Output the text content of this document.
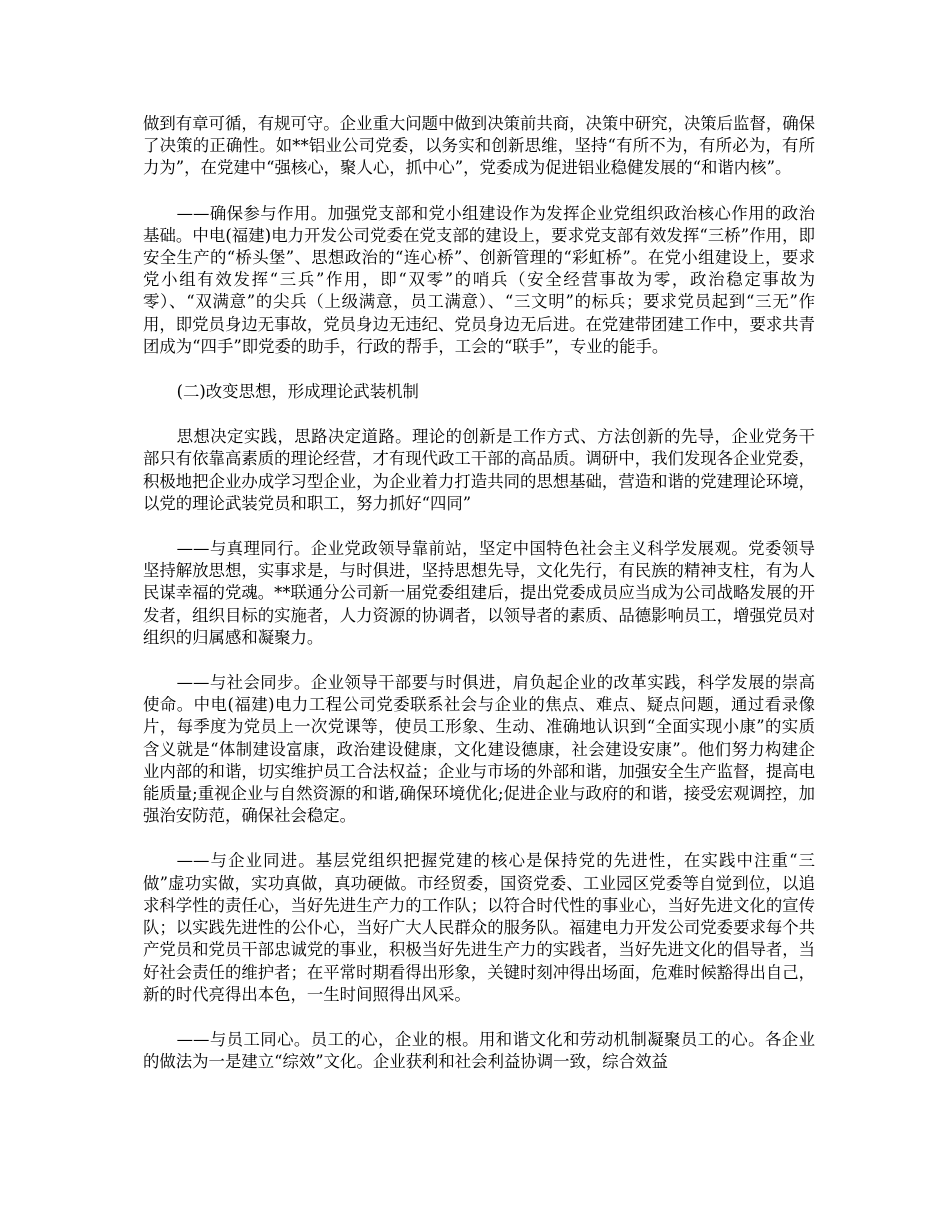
做到有章可循，有规可守。企业重大问题中做到决策前共商，决策中研究，决策后监督，确保了决策的正确性。如**铝业公司党委，以务实和创新思维，坚持“有所不为，有所必为，有所力为”，在党建中“强核心，聚人心，抓中心”，党委成为促进铝业稳健发展的“和谐内核”。

——确保参与作用。加强党支部和党小组建设作为发挥企业党组织政治核心作用的政治基础。中电(福建)电力开发公司党委在党支部的建设上，要求党支部有效发挥“三桥”作用，即安全生产的“桥头堡”、思想政治的“连心桥”、创新管理的“彩虹桥”。在党小组建设上，要求党小组有效发挥“三兵”作用，即“双零”的哨兵（安全经营事故为零，政治稳定事故为零）、“双满意”的尖兵（上级满意，员工满意）、“三文明”的标兵；要求党员起到“三无”作用，即党员身边无事故，党员身边无违纪、党员身边无后进。在党建带团建工作中，要求共青团成为“四手”即党委的助手，行政的帮手，工会的“联手”，专业的能手。

(二)改变思想，形成理论武装机制

思想决定实践，思路决定道路。理论的创新是工作方式、方法创新的先导，企业党务干部只有依靠高素质的理论经营，才有现代政工干部的高品质。调研中，我们发现各企业党委，积极地把企业办成学习型企业，为企业着力打造共同的思想基础，营造和谐的党建理论环境，以党的理论武装党员和职工，努力抓好“四同”

——与真理同行。企业党政领导靠前站，坚定中国特色社会主义科学发展观。党委领导坚持解放思想，实事求是，与时俱进，坚持思想先导，文化先行，有民族的精神支柱，有为人民谋幸福的党魂。**联通分公司新一届党委组建后，提出党委成员应当成为公司战略发展的开发者，组织目标的实施者，人力资源的协调者，以领导者的素质、品德影响员工，增强党员对组织的归属感和凝聚力。

——与社会同步。企业领导干部要与时俱进，肩负起企业的改革实践，科学发展的崇高使命。中电(福建)电力工程公司党委联系社会与企业的焦点、难点、疑点问题，通过看录像片，每季度为党员上一次党课等，使员工形象、生动、准确地认识到“全面实现小康”的实质含义就是“体制建设富康，政治建设健康，文化建设德康，社会建设安康”。他们努力构建企业内部的和谐，切实维护员工合法权益；企业与市场的外部和谐，加强安全生产监督，提高电能质量;重视企业与自然资源的和谐,确保环境优化;促进企业与政府的和谐，接受宏观调控，加强治安防范，确保社会稳定。

——与企业同进。基层党组织把握党建的核心是保持党的先进性，在实践中注重“三做”虚功实做，实功真做，真功硬做。市经贸委，国资党委、工业园区党委等自觉到位，以追求科学性的责任心，当好先进生产力的工作队；以符合时代性的事业心，当好先进文化的宣传队；以实践先进性的公仆心，当好广大人民群众的服务队。福建电力开发公司党委要求每个共产党员和党员干部忠诚党的事业，积极当好先进生产力的实践者，当好先进文化的倡导者，当好社会责任的维护者；在平常时期看得出形象，关键时刻冲得出场面，危难时候豁得出自己，新的时代亮得出本色，一生时间照得出风采。

——与员工同心。员工的心，企业的根。用和谐文化和劳动机制凝聚员工的心。各企业的做法为一是建立“综效”文化。企业获利和社会利益协调一致，综合效益
